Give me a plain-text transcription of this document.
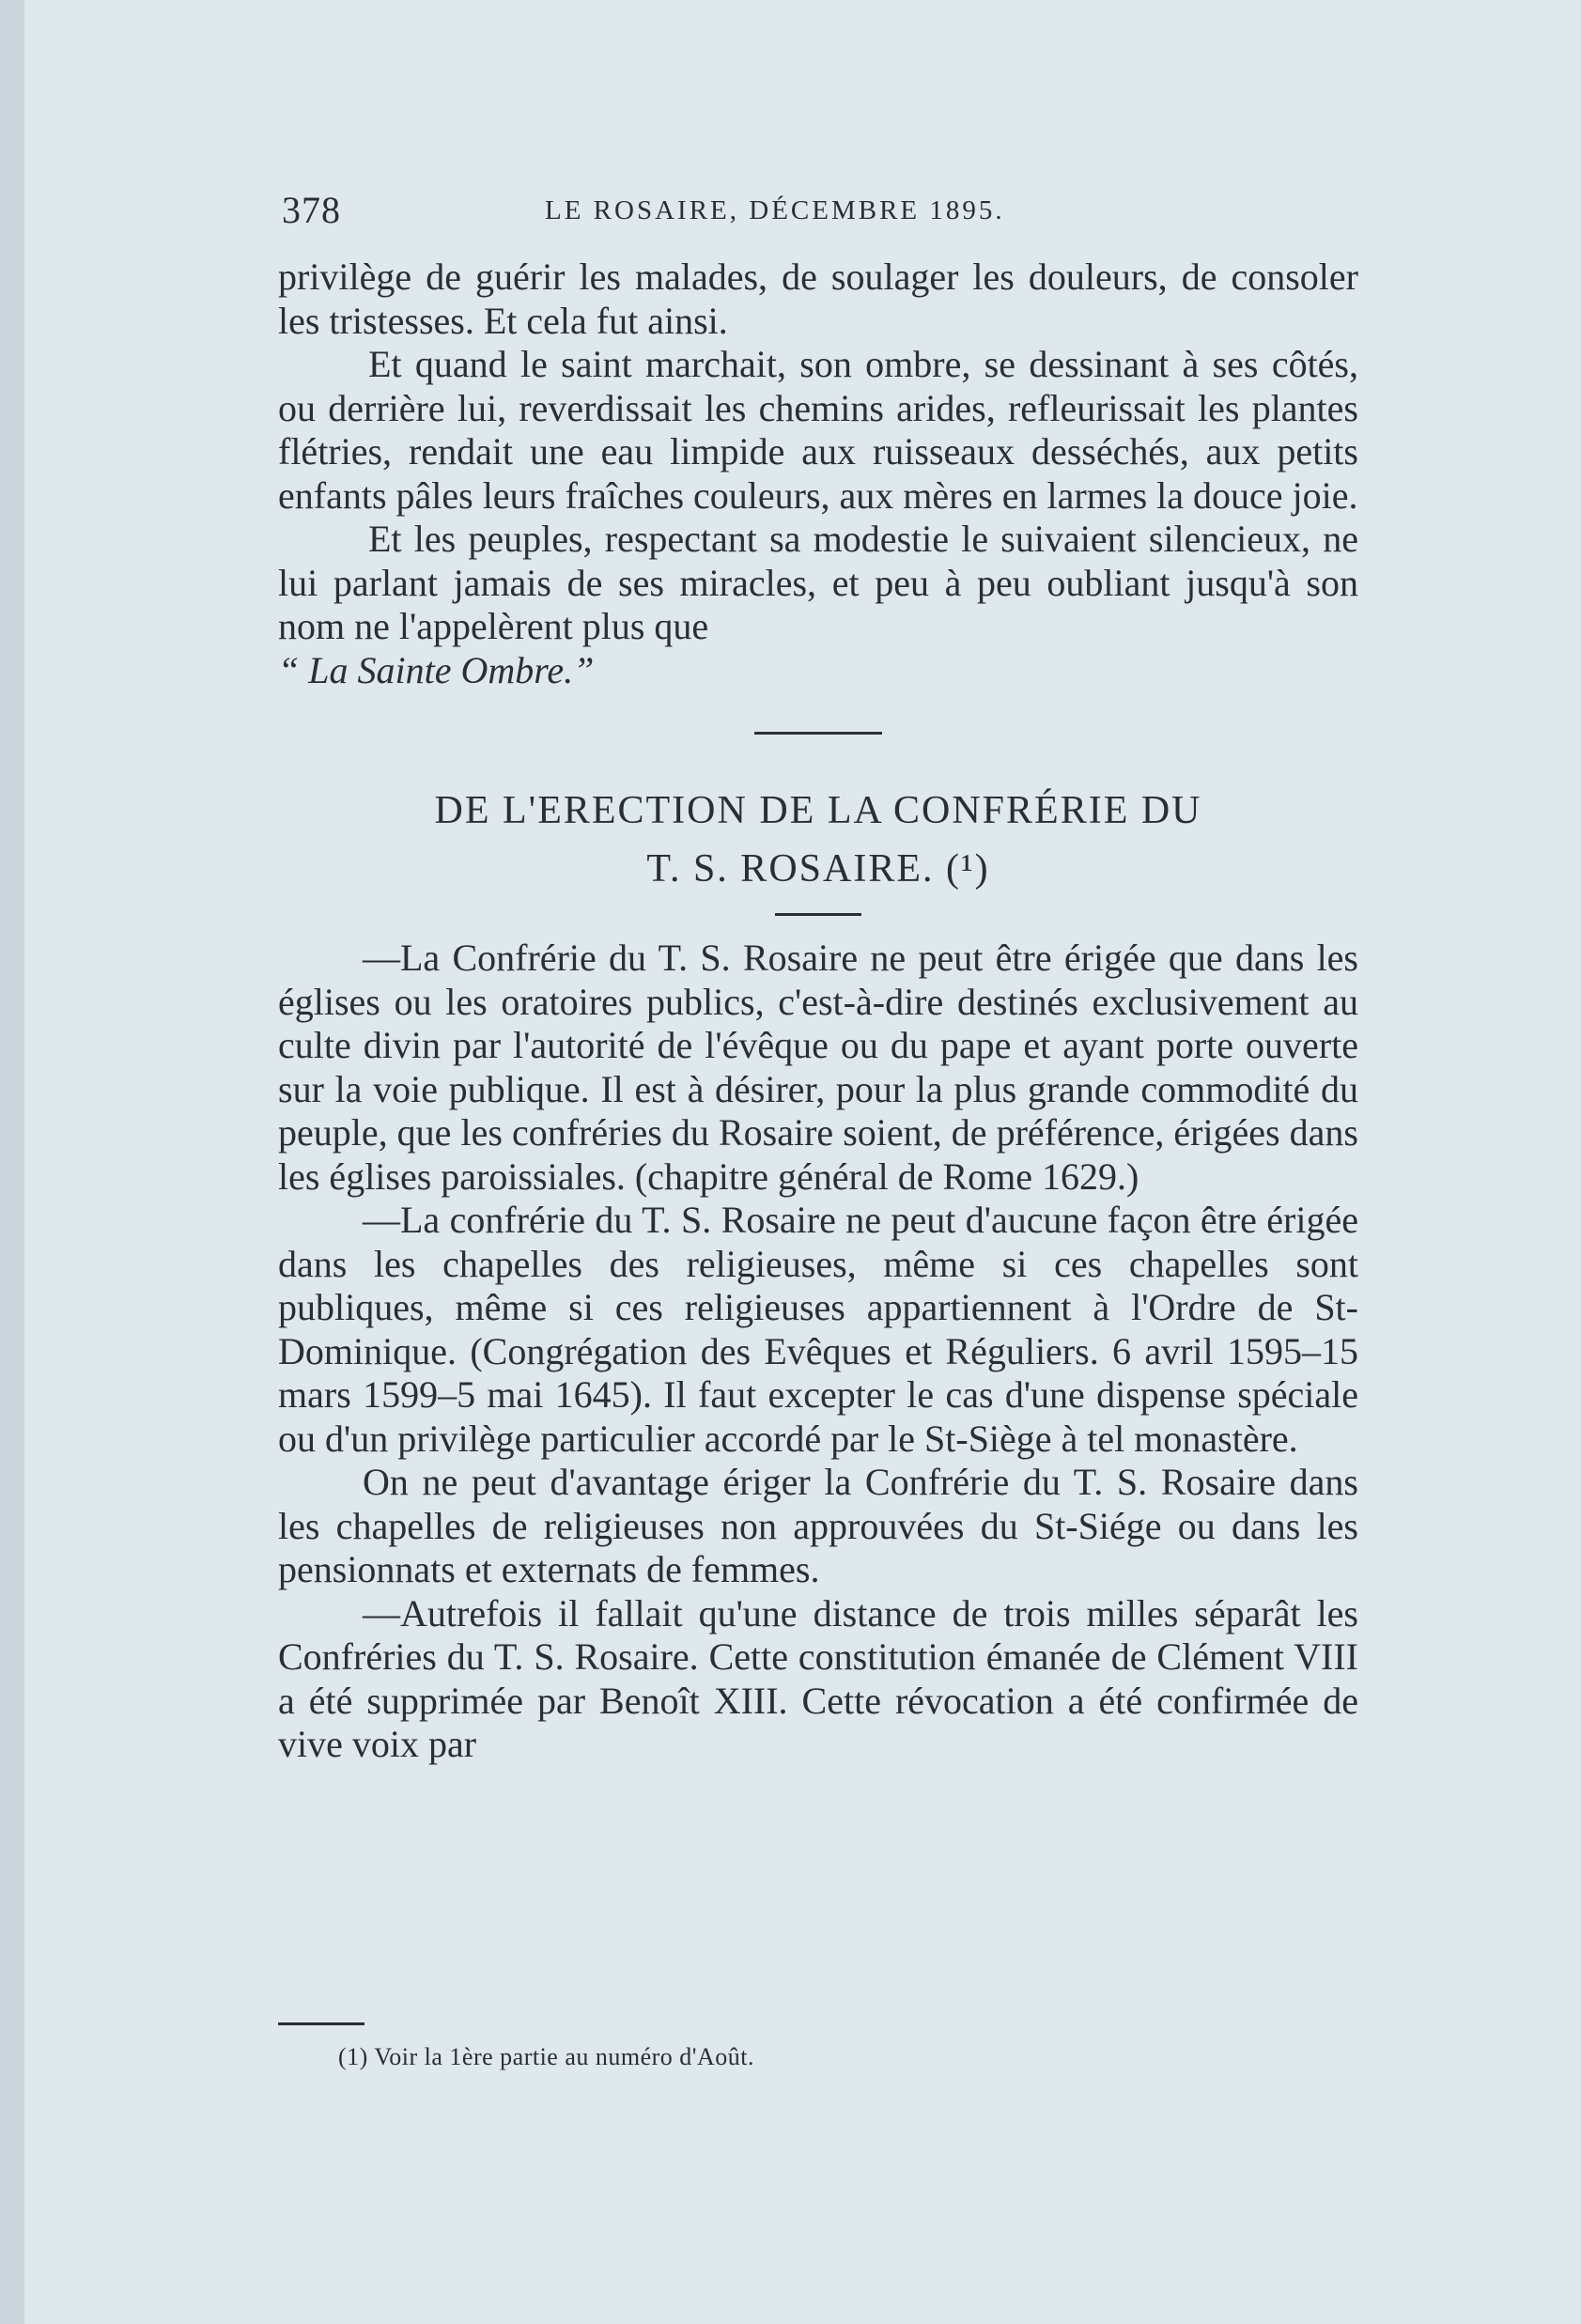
378	LE ROSAIRE, DÉCEMBRE 1895.

privilège de guérir les malades, de soulager les douleurs, de consoler les tristesses. Et cela fut ainsi.

Et quand le saint marchait, son ombre, se dessinant à ses côtés, ou derrière lui, reverdissait les chemins arides, refleurissait les plantes flétries, rendait une eau limpide aux ruisseaux desséchés, aux petits enfants pâles leurs fraîches couleurs, aux mères en larmes la douce joie.

Et les peuples, respectant sa modestie le suivaient silencieux, ne lui parlant jamais de ses miracles, et peu à peu oubliant jusqu'à son nom ne l'appelèrent plus que

“ La Sainte Ombre.”

DE L'ERECTION DE LA CONFRÉRIE DU
T. S. ROSAIRE. (¹)

—La Confrérie du T. S. Rosaire ne peut être érigée que dans les églises ou les oratoires publics, c'est-à-dire destinés exclusivement au culte divin par l'autorité de l'évêque ou du pape et ayant porte ouverte sur la voie publique. Il est à désirer, pour la plus grande commodité du peuple, que les confréries du Rosaire soient, de préférence, érigées dans les églises paroissiales. (chapitre général de Rome 1629.)

—La confrérie du T. S. Rosaire ne peut d'aucune façon être érigée dans les chapelles des religieuses, même si ces chapelles sont publiques, même si ces religieuses appartiennent à l'Ordre de St-Dominique. (Congrégation des Evêques et Réguliers. 6 avril 1595–15 mars 1599–5 mai 1645). Il faut excepter le cas d'une dispense spéciale ou d'un privilège particulier accordé par le St-Siège à tel monastère.

On ne peut d'avantage ériger la Confrérie du T. S. Rosaire dans les chapelles de religieuses non approuvées du St-Siége ou dans les pensionnats et externats de femmes.

—Autrefois il fallait qu'une distance de trois milles séparât les Confréries du T. S. Rosaire. Cette constitution émanée de Clément VIII a été supprimée par Benoît XIII. Cette révocation a été confirmée de vive voix par

(1) Voir la 1ère partie au numéro d'Août.
